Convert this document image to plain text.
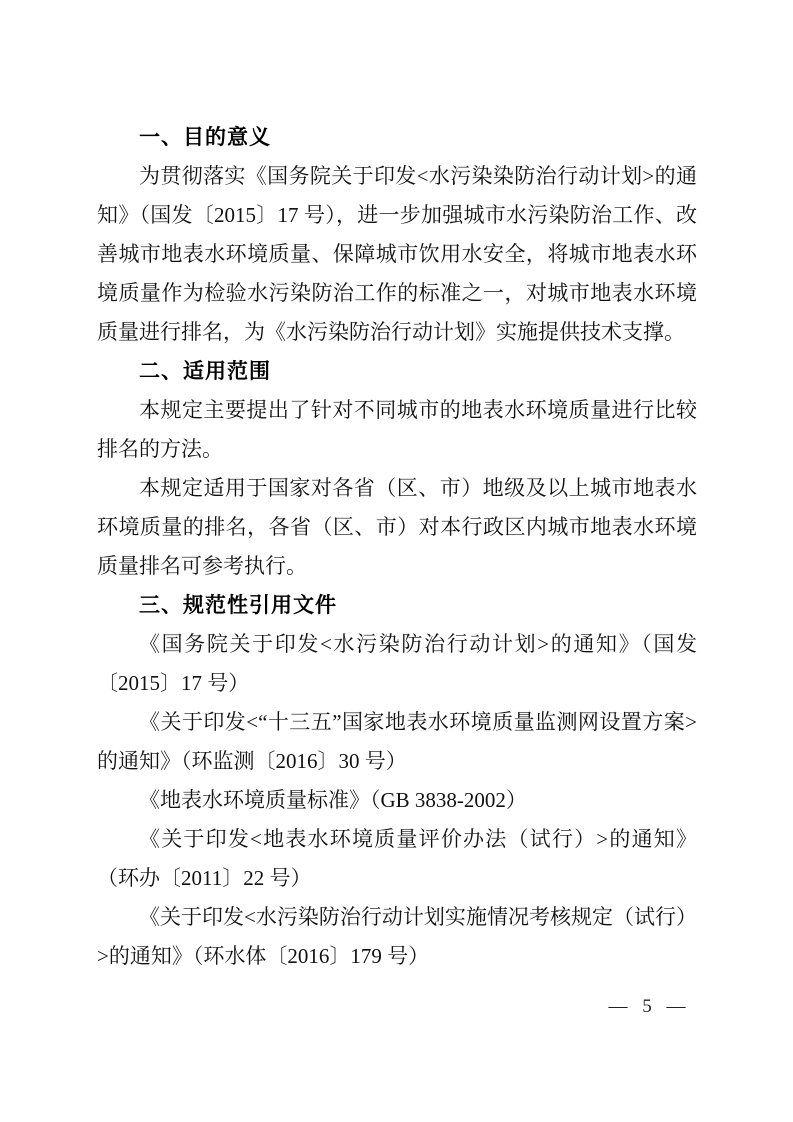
一、目的意义

为贯彻落实《国务院关于印发<水污染染防治行动计划>的通知》（国发〔2015〕17 号），进一步加强城市水污染防治工作、改善城市地表水环境质量、保障城市饮用水安全，将城市地表水环境质量作为检验水污染防治工作的标准之一，对城市地表水环境质量进行排名，为《水污染防治行动计划》实施提供技术支撑。

二、适用范围

本规定主要提出了针对不同城市的地表水环境质量进行比较排名的方法。

本规定适用于国家对各省（区、市）地级及以上城市地表水环境质量的排名，各省（区、市）对本行政区内城市地表水环境质量排名可参考执行。

三、规范性引用文件

《国务院关于印发<水污染防治行动计划>的通知》（国发〔2015〕17 号）

《关于印发<“十三五”国家地表水环境质量监测网设置方案>的通知》（环监测〔2016〕30 号）

《地表水环境质量标准》（GB 3838-2002）

《关于印发<地表水环境质量评价办法（试行）>的通知》（环办〔2011〕22 号）

《关于印发<水污染防治行动计划实施情况考核规定（试行）>的通知》（环水体〔2016〕179 号）

— 5 —
